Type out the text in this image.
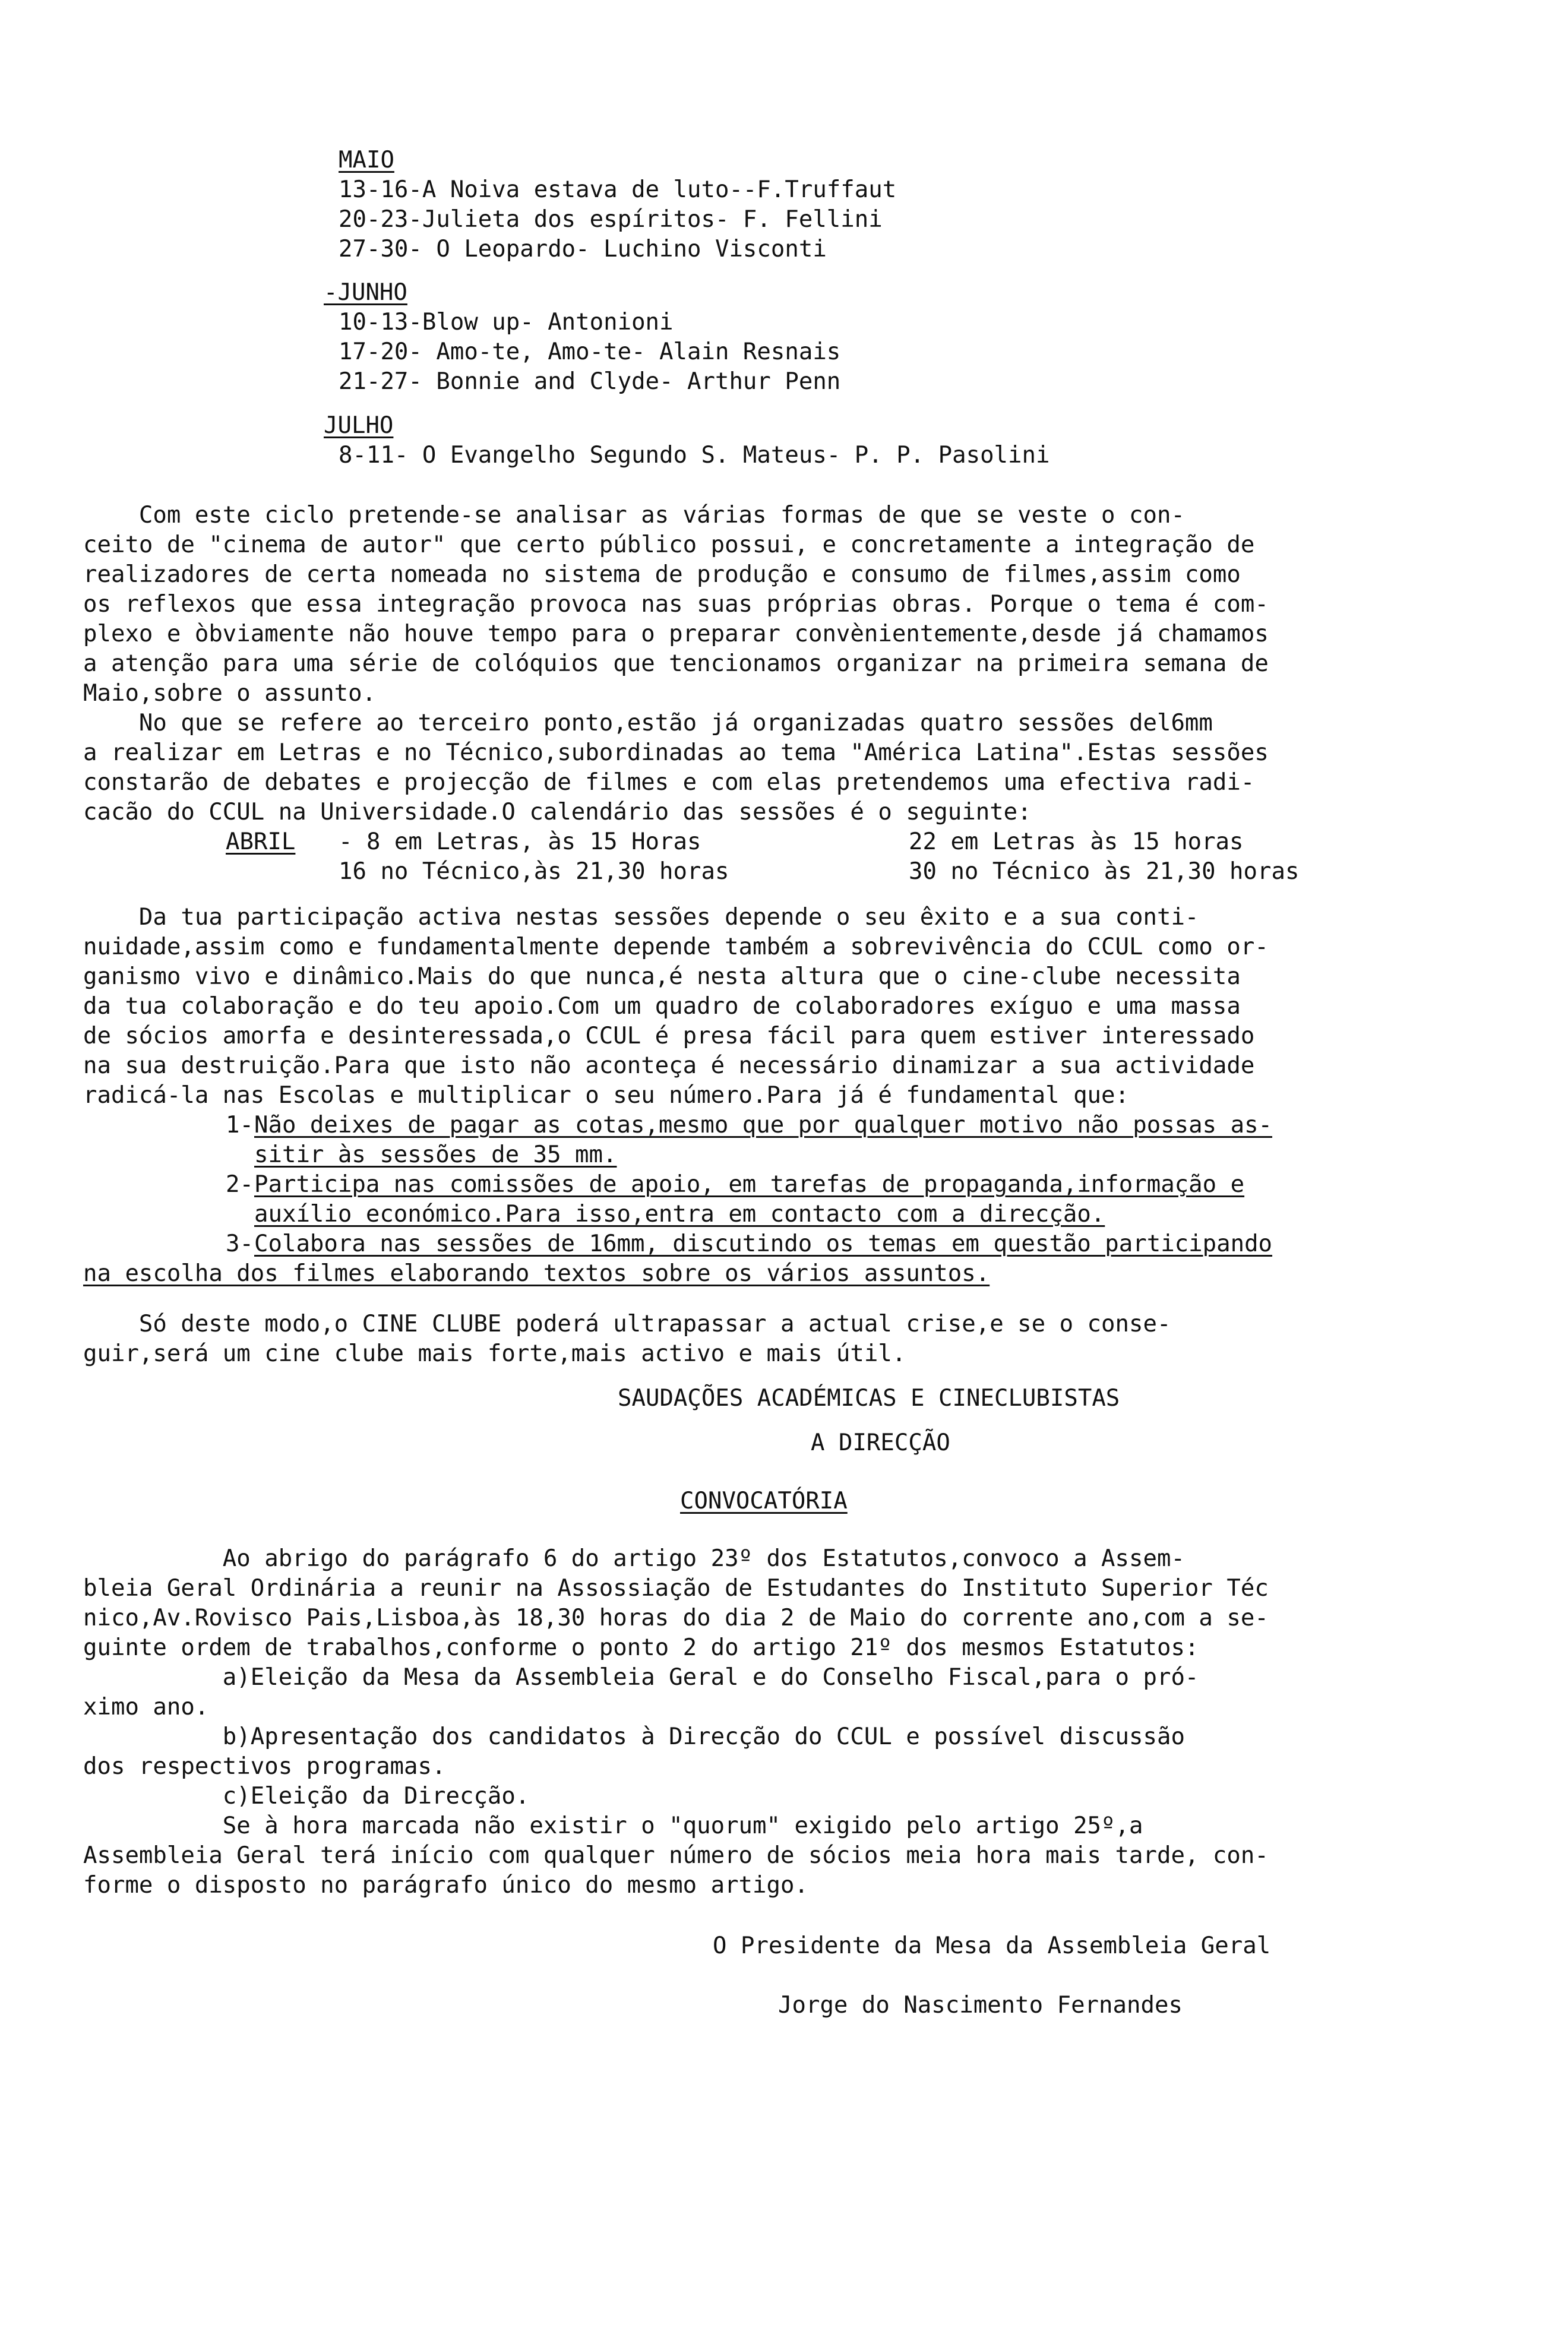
MAIO
13-16-A Noiva estava de luto--F.Truffaut
20-23-Julieta dos espíritos- F. Fellini
27-30- O Leopardo- Luchino Visconti
-JUNHO
10-13-Blow up- Antonioni
17-20- Amo-te, Amo-te- Alain Resnais
21-27- Bonnie and Clyde- Arthur Penn
JULHO
8-11- O Evangelho Segundo S. Mateus- P. P. Pasolini
Com este ciclo pretende-se analisar as várias formas de que se veste o con-
ceito de "cinema de autor" que certo público possui, e concretamente a integração de
realizadores de certa nomeada no sistema de produção e consumo de filmes,assim como
os reflexos que essa integração provoca nas suas próprias obras. Porque o tema é com-
plexo e òbviamente não houve tempo para o preparar convènientemente,desde já chamamos
a atenção para uma série de colóquios que tencionamos organizar na primeira semana de
Maio,sobre o assunto.
No que se refere ao terceiro ponto,estão já organizadas quatro sessões del6mm
a realizar em Letras e no Técnico,subordinadas ao tema "América Latina".Estas sessões
constarão de debates e projecção de filmes e com elas pretendemos uma efectiva radi-
cacão do CCUL na Universidade.O calendário das sessões é o seguinte:
ABRIL - 8 em Letras, às 15 Horas	22 em Letras às 15 horas
16 no Técnico,às 21,30 horas	30 no Técnico às 21,30 horas
Da tua participação activa nestas sessões depende o seu êxito e a sua conti-
nuidade,assim como e fundamentalmente depende também a sobrevivência do CCUL como or-
ganismo vivo e dinâmico.Mais do que nunca,é nesta altura que o cine-clube necessita
da tua colaboração e do teu apoio.Com um quadro de colaboradores exíguo e uma massa
de sócios amorfa e desinteressada,o CCUL é presa fácil para quem estiver interessado
na sua destruição.Para que isto não aconteça é necessário dinamizar a sua actividade
radicá-la nas Escolas e multiplicar o seu número.Para já é fundamental que:
1- Não deixes de pagar as cotas,mesmo que por qualquer motivo não possas as-
sitir às sessões de 35 mm.
2- Participa nas comissões de apoio, em tarefas de propaganda,informação e
auxílio económico.Para isso,entra em contacto com a direcção.
3- Colabora nas sessões de 16mm, discutindo os temas em questão participando
na escolha dos filmes elaborando textos sobre os vários assuntos.
Só deste modo,o CINE CLUBE poderá ultrapassar a actual crise,e se o conse-
guir,será um cine clube mais forte,mais activo e mais útil.
SAUDAÇÕES ACADÉMICAS E CINECLUBISTAS
A DIRECÇÃO
CONVOCATÓRIA
Ao abrigo do parágrafo 6 do artigo 23º dos Estatutos,convoco a Assem-
bleia Geral Ordinária a reunir na Assossiação de Estudantes do Instituto Superior Téc
nico,Av.Rovisco Pais,Lisboa,às 18,30 horas do dia 2 de Maio do corrente ano,com a se-
guinte ordem de trabalhos,conforme o ponto 2 do artigo 21º dos mesmos Estatutos:
a)Eleição da Mesa da Assembleia Geral e do Conselho Fiscal,para o pró-
ximo ano.
b)Apresentação dos candidatos à Direcção do CCUL e possível discussão
dos respectivos programas.
c)Eleição da Direcção.
Se à hora marcada não existir o "quorum" exigido pelo artigo 25º,a
Assembleia Geral terá início com qualquer número de sócios meia hora mais tarde, con-
forme o disposto no parágrafo único do mesmo artigo.
O Presidente da Mesa da Assembleia Geral
Jorge do Nascimento Fernandes
